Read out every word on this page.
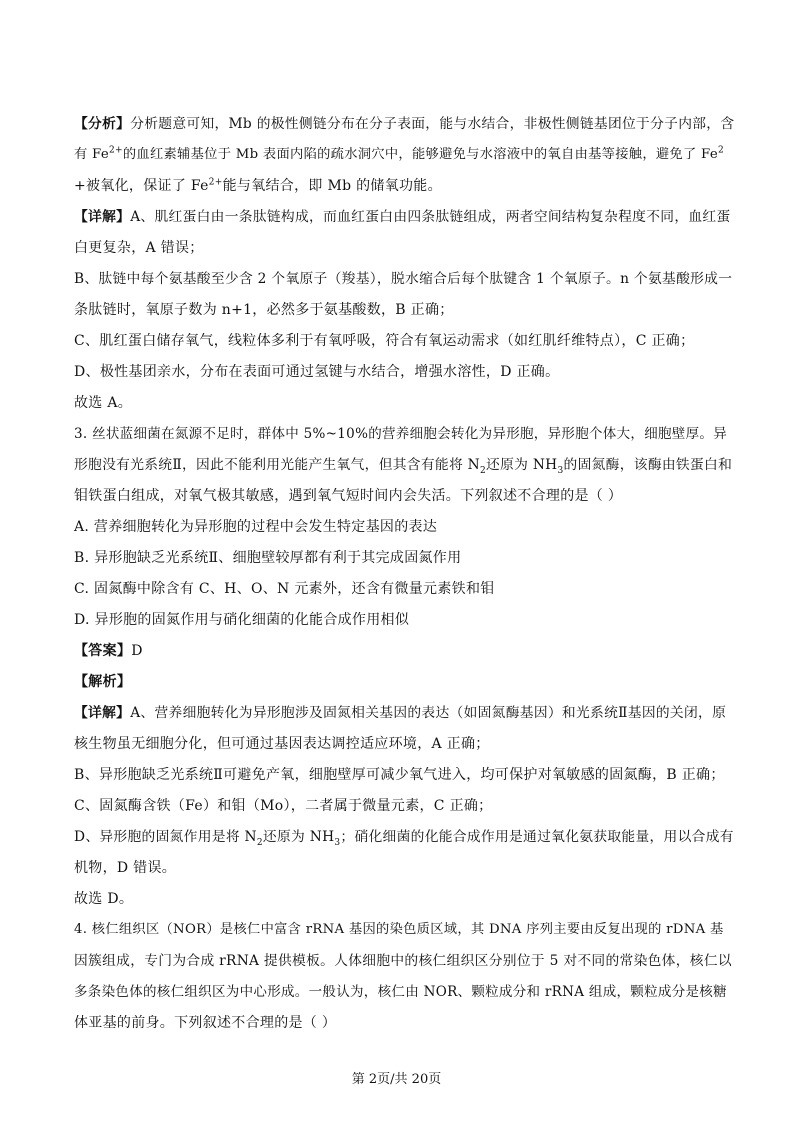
【分析】分析题意可知，Mb 的极性侧链分布在分子表面，能与水结合，非极性侧链基团位于分子内部，含
有 $Fe^{2+}$的血红素辅基位于 Mb 表面内陷的疏水洞穴中，能够避免与水溶液中的氧自由基等接触，避免了 $Fe^2$
+被氧化，保证了 $Fe^{2+}$能与氧结合，即 Mb 的储氧功能。
【详解】A、肌红蛋白由一条肽链构成，而血红蛋白由四条肽链组成，两者空间结构复杂程度不同，血红蛋
白更复杂，A 错误；
B、肽链中每个氨基酸至少含 2 个氧原子（羧基），脱水缩合后每个肽键含 1 个氧原子。n 个氨基酸形成一
条肽链时，氧原子数为 n+1，必然多于氨基酸数，B 正确；
C、肌红蛋白储存氧气，线粒体多利于有氧呼吸，符合有氧运动需求（如红肌纤维特点），C 正确；
D、极性基团亲水，分布在表面可通过氢键与水结合，增强水溶性，D 正确。
故选 A。
3. 丝状蓝细菌在氮源不足时，群体中 5%~10%的营养细胞会转化为异形胞，异形胞个体大，细胞壁厚。异
形胞没有光系统Ⅱ，因此不能利用光能产生氧气，但其含有能将 $N_2$还原为 $NH_3$的固氮酶，该酶由铁蛋白和
钼铁蛋白组成，对氧气极其敏感，遇到氧气短时间内会失活。下列叙述不合理的是（ ）
A. 营养细胞转化为异形胞的过程中会发生特定基因的表达
B. 异形胞缺乏光系统Ⅱ、细胞壁较厚都有利于其完成固氮作用
C. 固氮酶中除含有 C、H、O、N 元素外，还含有微量元素铁和钼
D. 异形胞的固氮作用与硝化细菌的化能合成作用相似
【答案】D
【解析】
【详解】A、营养细胞转化为异形胞涉及固氮相关基因的表达（如固氮酶基因）和光系统Ⅱ基因的关闭，原
核生物虽无细胞分化，但可通过基因表达调控适应环境，A 正确；
B、异形胞缺乏光系统Ⅱ可避免产氧，细胞壁厚可减少氧气进入，均可保护对氧敏感的固氮酶，B 正确；
C、固氮酶含铁（Fe）和钼（Mo），二者属于微量元素，C 正确；
D、异形胞的固氮作用是将 $N_2$还原为 $NH_3$；硝化细菌的化能合成作用是通过氧化氨获取能量，用以合成有
机物，D 错误。
故选 D。
4. 核仁组织区（NOR）是核仁中富含 rRNA 基因的染色质区域，其 DNA 序列主要由反复出现的 rDNA 基
因簇组成，专门为合成 rRNA 提供模板。人体细胞中的核仁组织区分别位于 5 对不同的常染色体，核仁以
多条染色体的核仁组织区为中心形成。一般认为，核仁由 NOR、颗粒成分和 rRNA 组成，颗粒成分是核糖
体亚基的前身。下列叙述不合理的是（ ）
第 2页/共 20页
